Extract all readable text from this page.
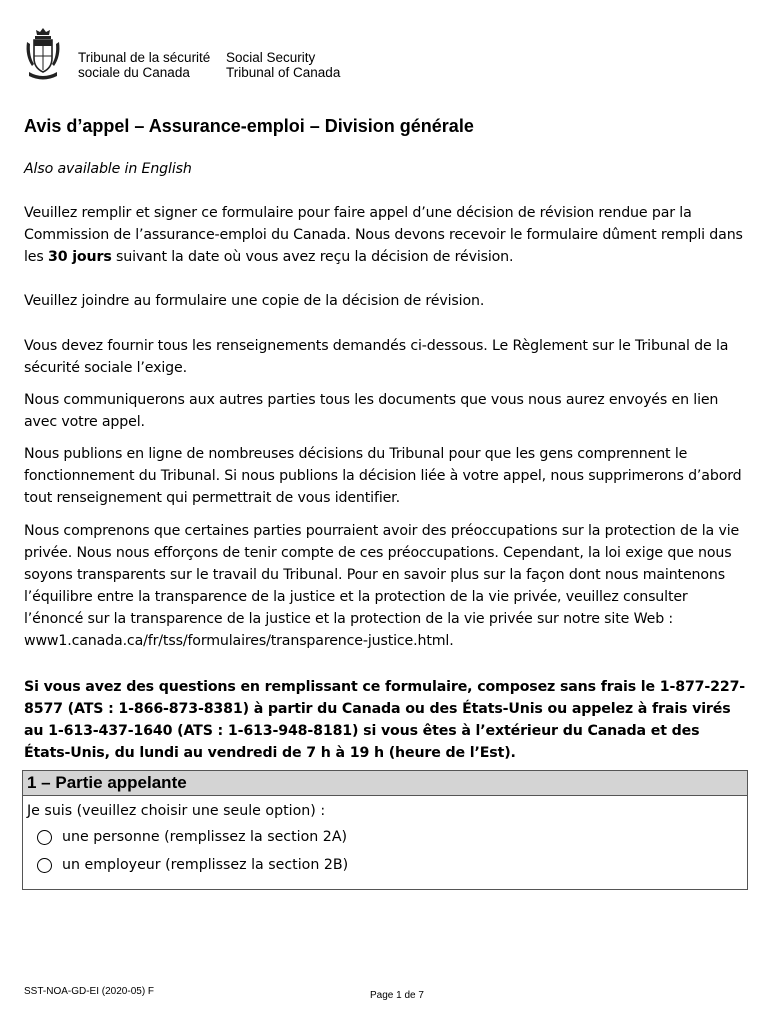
Tribunal de la sécurité
sociale du Canada
Social Security
Tribunal of Canada
Avis d’appel – Assurance-emploi – Division générale
Also available in English
Veuillez remplir et signer ce formulaire pour faire appel d’une décision de révision rendue par la Commission de l’assurance-emploi du Canada. Nous devons recevoir le formulaire dûment rempli dans les 30 jours suivant la date où vous avez reçu la décision de révision.
Veuillez joindre au formulaire une copie de la décision de révision.
Vous devez fournir tous les renseignements demandés ci-dessous. Le Règlement sur le Tribunal de la sécurité sociale l’exige.
Nous communiquerons aux autres parties tous les documents que vous nous aurez envoyés en lien avec votre appel.
Nous publions en ligne de nombreuses décisions du Tribunal pour que les gens comprennent le fonctionnement du Tribunal. Si nous publions la décision liée à votre appel, nous supprimerons d’abord tout renseignement qui permettrait de vous identifier.
Nous comprenons que certaines parties pourraient avoir des préoccupations sur la protection de la vie privée. Nous nous efforçons de tenir compte de ces préoccupations. Cependant, la loi exige que nous soyons transparents sur le travail du Tribunal. Pour en savoir plus sur la façon dont nous maintenons l’équilibre entre la transparence de la justice et la protection de la vie privée, veuillez consulter l’énoncé sur la transparence de la justice et la protection de la vie privée sur notre site Web : www1.canada.ca/fr/tss/formulaires/transparence-justice.html.
Si vous avez des questions en remplissant ce formulaire, composez sans frais le 1-877-227-8577 (ATS : 1-866-873-8381) à partir du Canada ou des États-Unis ou appelez à frais virés au 1-613-437-1640 (ATS : 1-613-948-8181) si vous êtes à l’extérieur du Canada et des États-Unis, du lundi au vendredi de 7 h à 19 h (heure de l’Est).
1 – Partie appelante
Je suis (veuillez choisir une seule option) :
une personne (remplissez la section 2A)
un employeur (remplissez la section 2B)
SST-NOA-GD-EI (2020-05) F	Page 1 de 7
